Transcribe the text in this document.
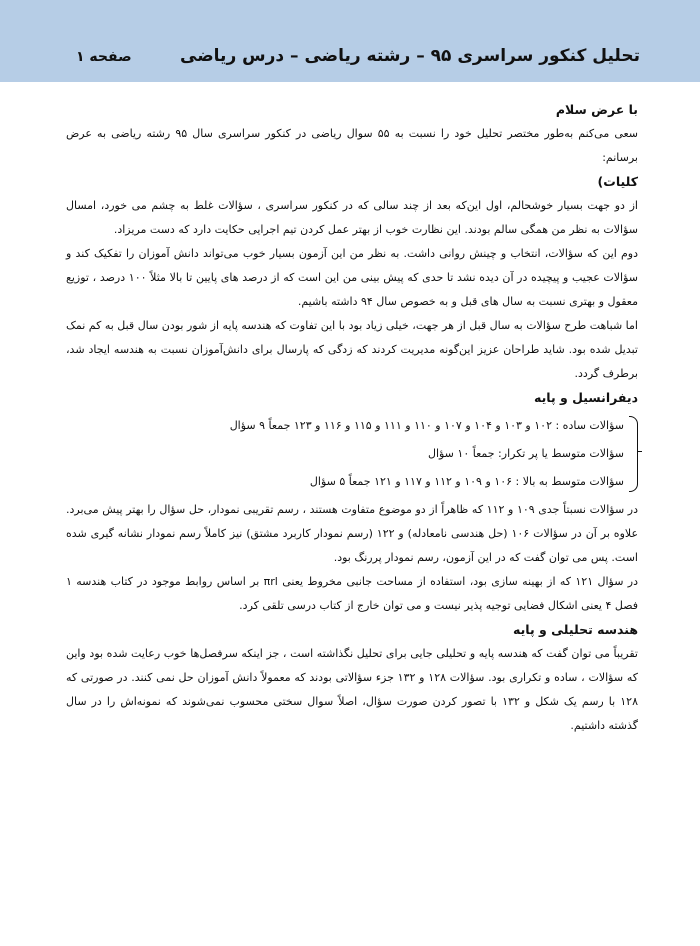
تحلیل کنکور سراسری ۹۵ – رشته ریاضی – درس ریاضی
صفحه ۱
با عرض سلام

سعی می‌کنم به‌طور مختصر تحلیل خود را نسبت به ۵۵ سوال ریاضی در کنکور سراسری سال ۹۵ رشته ریاضی به عرض برسانم:

کلیات)

از دو جهت بسیار خوشحالم، اول این‌که بعد از چند سالی که در کنکور سراسری ، سؤالات غلط به چشم می خورد، امسال سؤالات به نظر من همگی سالم بودند. این نظارت خوب از بهتر عمل کردن تیم اجرایی حکایت دارد که دست مریزاد.

دوم این که سؤالات، انتخاب و چینش روانی داشت. به نظر من این آزمون بسیار خوب می‌تواند دانش آموزان را تفکیک کند و سؤالات عجیب و پیچیده در آن دیده نشد تا حدی که پیش بینی من این است که از درصد های پایین تا بالا مثلاً ۱۰۰ درصد ، توزیع معقول و بهتری نسبت به سال های قبل و به خصوص سال ۹۴ داشته باشیم.

اما شباهت طرح سؤالات به سال قبل از هر جهت، خیلی زیاد بود با این تفاوت که هندسه پایه از شور بودن سال قبل به کم نمک تبدیل شده بود. شاید طراحان عزیز این‌گونه مدیریت کردند که زدگی که پارسال برای دانش‌آموزان نسبت به هندسه ایجاد شد، برطرف گردد.

دیفرانسیل و پایه
سؤالات ساده : ۱۰۲ و ۱۰۳ و ۱۰۴ و ۱۰۷ و ۱۱۰ و ۱۱۱ و ۱۱۵ و ۱۱۶ و ۱۲۳ جمعاً ۹ سؤال
سؤالات متوسط یا پر تکرار: جمعاً ۱۰ سؤال
سؤالات متوسط به بالا : ۱۰۶ و ۱۰۹ و ۱۱۲ و ۱۱۷ و ۱۲۱ جمعاً ۵ سؤال

در سؤالات نسبتاً جدی ۱۰۹ و ۱۱۲ که ظاهراً از دو موضوع متفاوت هستند ، رسم تقریبی نمودار، حل سؤال را بهتر پیش می‌برد. علاوه بر آن در سؤالات ۱۰۶ (حل هندسی نامعادله) و ۱۲۲ (رسم نمودار کاربرد مشتق) نیز کاملاً رسم نمودار نشانه گیری شده است. پس می توان گفت که در این آزمون، رسم نمودار پررنگ بود.

در سؤال ۱۲۱ که از بهینه سازی بود، استفاده از مساحت جانبی مخروط یعنی πrl بر اساس روابط موجود در کتاب هندسه ۱ فصل ۴ یعنی اشکال فضایی توجیه پذیر نیست و می توان خارج از کتاب درسی تلقی کرد.

هندسه تحلیلی و پایه

تقریباً می توان گفت که هندسه پایه و تحلیلی جایی برای تحلیل نگذاشته است ، جز اینکه سرفصل‌ها خوب رعایت شده بود واین که سؤالات ، ساده و تکراری بود. سؤالات ۱۲۸ و ۱۳۲ جزء سؤالاتی بودند که معمولاً دانش آموزان حل نمی کنند. در صورتی که ۱۲۸ با رسم یک شکل و ۱۳۲ با تصور کردن صورت سؤال، اصلاً سوال سختی محسوب نمی‌شوند که نمونه‌اش را در سال گذشته داشتیم.
